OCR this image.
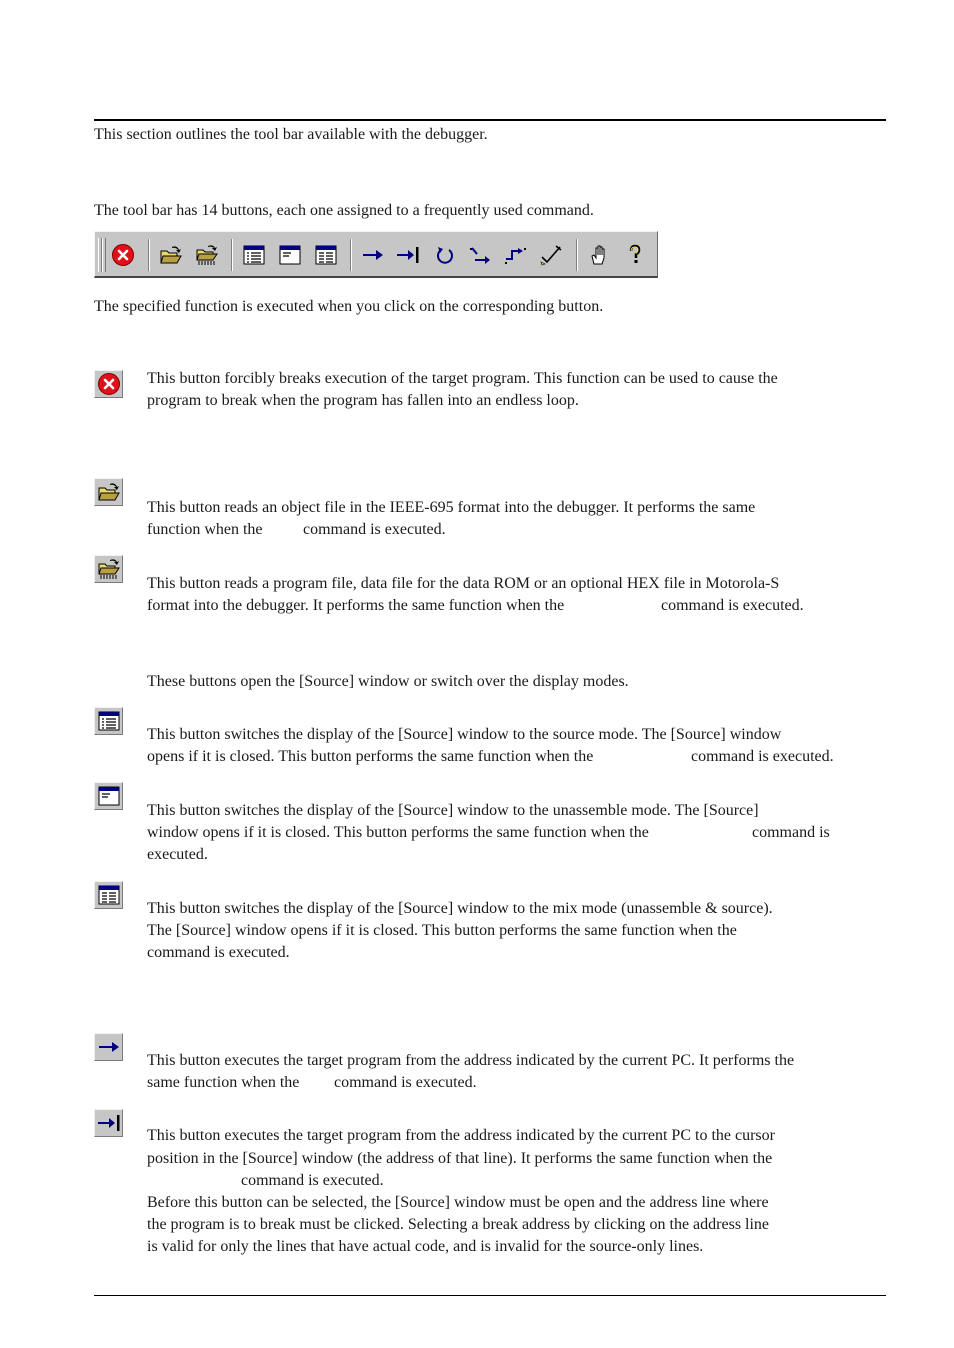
This section outlines the tool bar available with the debugger.
The tool bar has 14 buttons, each one assigned to a frequently used command.
The specified function is executed when you click on the corresponding button.
This button forcibly breaks execution of the target program. This function can be used to cause the
program to break when the program has fallen into an endless loop.
This button reads an object file in the IEEE-695 format into the debugger. It performs the same
function when the	command is executed.
This button reads a program file, data file for the data ROM or an optional HEX file in Motorola-S
format into the debugger. It performs the same function when the	command is executed.
These buttons open the [Source] window or switch over the display modes.
This button switches the display of the [Source] window to the source mode. The [Source] window
opens if it is closed. This button performs the same function when the	command is executed.
This button switches the display of the [Source] window to the unassemble mode. The [Source]
window opens if it is closed. This button performs the same function when the	command is
executed.
This button switches the display of the [Source] window to the mix mode (unassemble & source).
The [Source] window opens if it is closed. This button performs the same function when the
command is executed.
This button executes the target program from the address indicated by the current PC. It performs the
same function when the command is executed.
This button executes the target program from the address indicated by the current PC to the cursor
position in the [Source] window (the address of that line). It performs the same function when the
command is executed.
Before this button can be selected, the [Source] window must be open and the address line where
the program is to break must be clicked. Selecting a break address by clicking on the address line
is valid for only the lines that have actual code, and is invalid for the source-only lines.
